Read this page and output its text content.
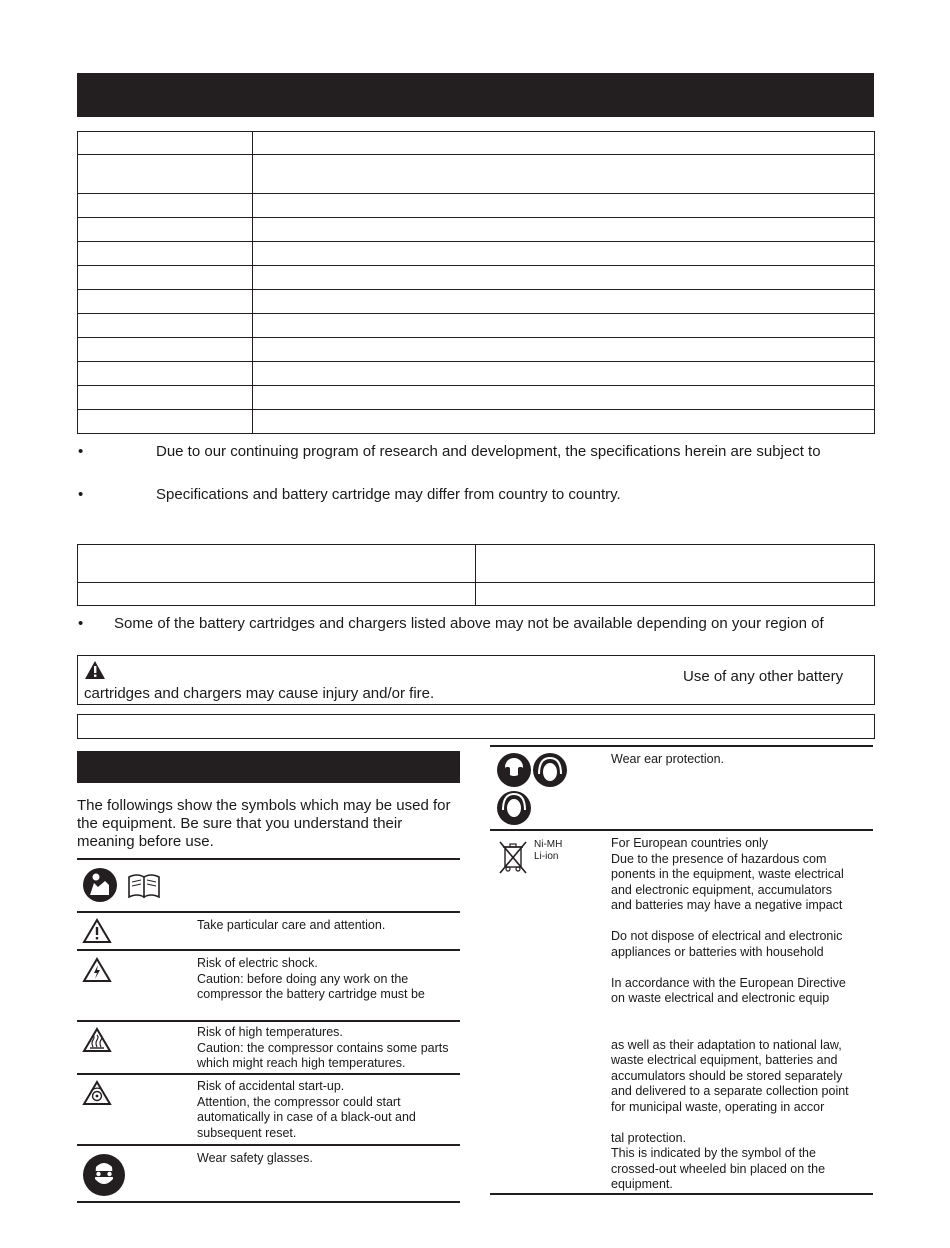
•	Due to our continuing program of research and development, the specifications herein are subject to
•	Specifications and battery cartridge may differ from country to country.

• Some of the battery cartridges and chargers listed above may not be available depending on your region of
Use of any other battery
cartridges and chargers may cause injury and/or fire.
The followings show the symbols which may be used for the equipment. Be sure that you understand their meaning before use.
Take particular care and attention.
Risk of electric shock.
Caution: before doing any work on the compressor the battery cartridge must be
Risk of high temperatures.
Caution: the compressor contains some parts which might reach high temperatures.
Risk of accidental start-up.
Attention, the compressor could start automatically in case of a black-out and subsequent reset.
Wear safety glasses.
Wear ear protection.
Ni-MH
Li-ion
For European countries only
Due to the presence of hazardous com
ponents in the equipment, waste electrical
and electronic equipment, accumulators
and batteries may have a negative impact

Do not dispose of electrical and electronic
appliances or batteries with household

In accordance with the European Directive
on waste electrical and electronic equip

as well as their adaptation to national law,
waste electrical equipment, batteries and
accumulators should be stored separately
and delivered to a separate collection point
for municipal waste, operating in accor

tal protection.
This is indicated by the symbol of the
crossed-out wheeled bin placed on the
equipment.
